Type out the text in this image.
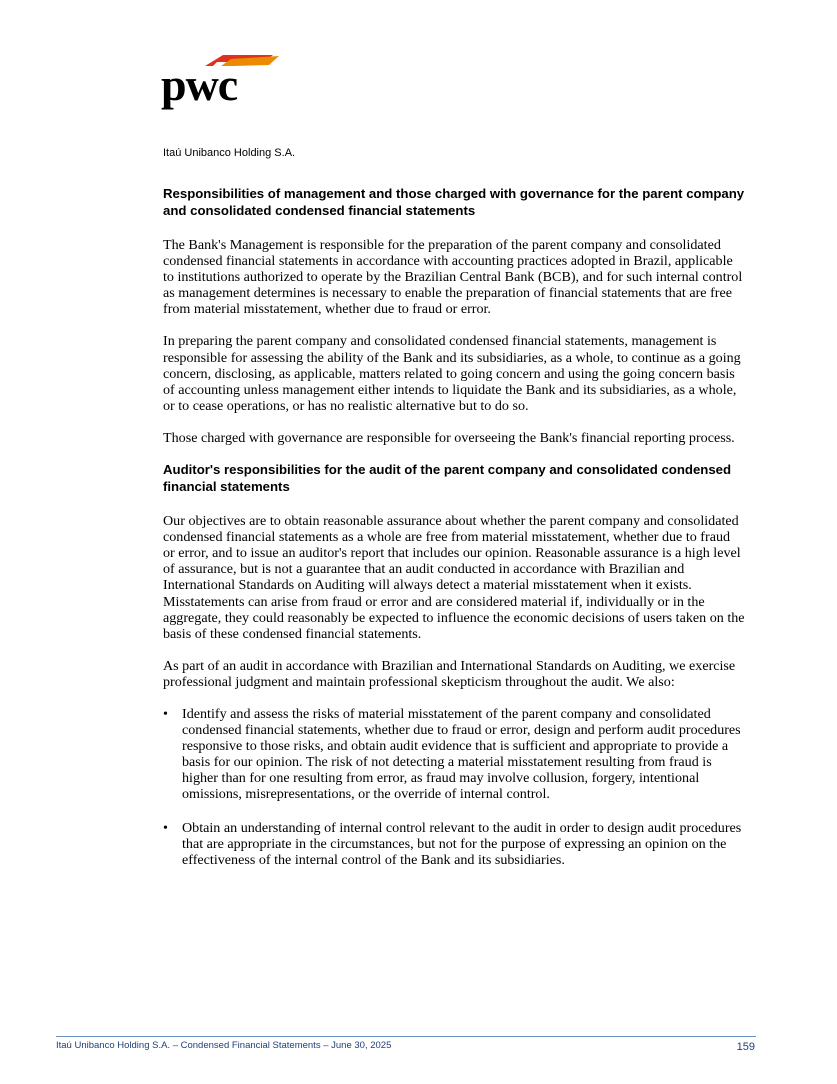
pwc
Itaú Unibanco Holding S.A.
Responsibilities of management and those charged with governance for the parent company and consolidated condensed financial statements

The Bank's Management is responsible for the preparation of the parent company and consolidated condensed financial statements in accordance with accounting practices adopted in Brazil, applicable to institutions authorized to operate by the Brazilian Central Bank (BCB), and for such internal control as management determines is necessary to enable the preparation of financial statements that are free from material misstatement, whether due to fraud or error.

In preparing the parent company and consolidated condensed financial statements, management is responsible for assessing the ability of the Bank and its subsidiaries, as a whole, to continue as a going concern, disclosing, as applicable, matters related to going concern and using the going concern basis of accounting unless management either intends to liquidate the Bank and its subsidiaries, as a whole, or to cease operations, or has no realistic alternative but to do so.

Those charged with governance are responsible for overseeing the Bank's financial reporting process.

Auditor's responsibilities for the audit of the parent company and consolidated condensed financial statements

Our objectives are to obtain reasonable assurance about whether the parent company and consolidated condensed financial statements as a whole are free from material misstatement, whether due to fraud or error, and to issue an auditor's report that includes our opinion. Reasonable assurance is a high level of assurance, but is not a guarantee that an audit conducted in accordance with Brazilian and International Standards on Auditing will always detect a material misstatement when it exists. Misstatements can arise from fraud or error and are considered material if, individually or in the aggregate, they could reasonably be expected to influence the economic decisions of users taken on the basis of these condensed financial statements.

As part of an audit in accordance with Brazilian and International Standards on Auditing, we exercise professional judgment and maintain professional skepticism throughout the audit. We also:

• Identify and assess the risks of material misstatement of the parent company and consolidated condensed financial statements, whether due to fraud or error, design and perform audit procedures responsive to those risks, and obtain audit evidence that is sufficient and appropriate to provide a basis for our opinion. The risk of not detecting a material misstatement resulting from fraud is higher than for one resulting from error, as fraud may involve collusion, forgery, intentional omissions, misrepresentations, or the override of internal control.
• Obtain an understanding of internal control relevant to the audit in order to design audit procedures that are appropriate in the circumstances, but not for the purpose of expressing an opinion on the effectiveness of the internal control of the Bank and its subsidiaries.
Itaú Unibanco Holding S.A. – Condensed Financial Statements – June 30, 2025	159
